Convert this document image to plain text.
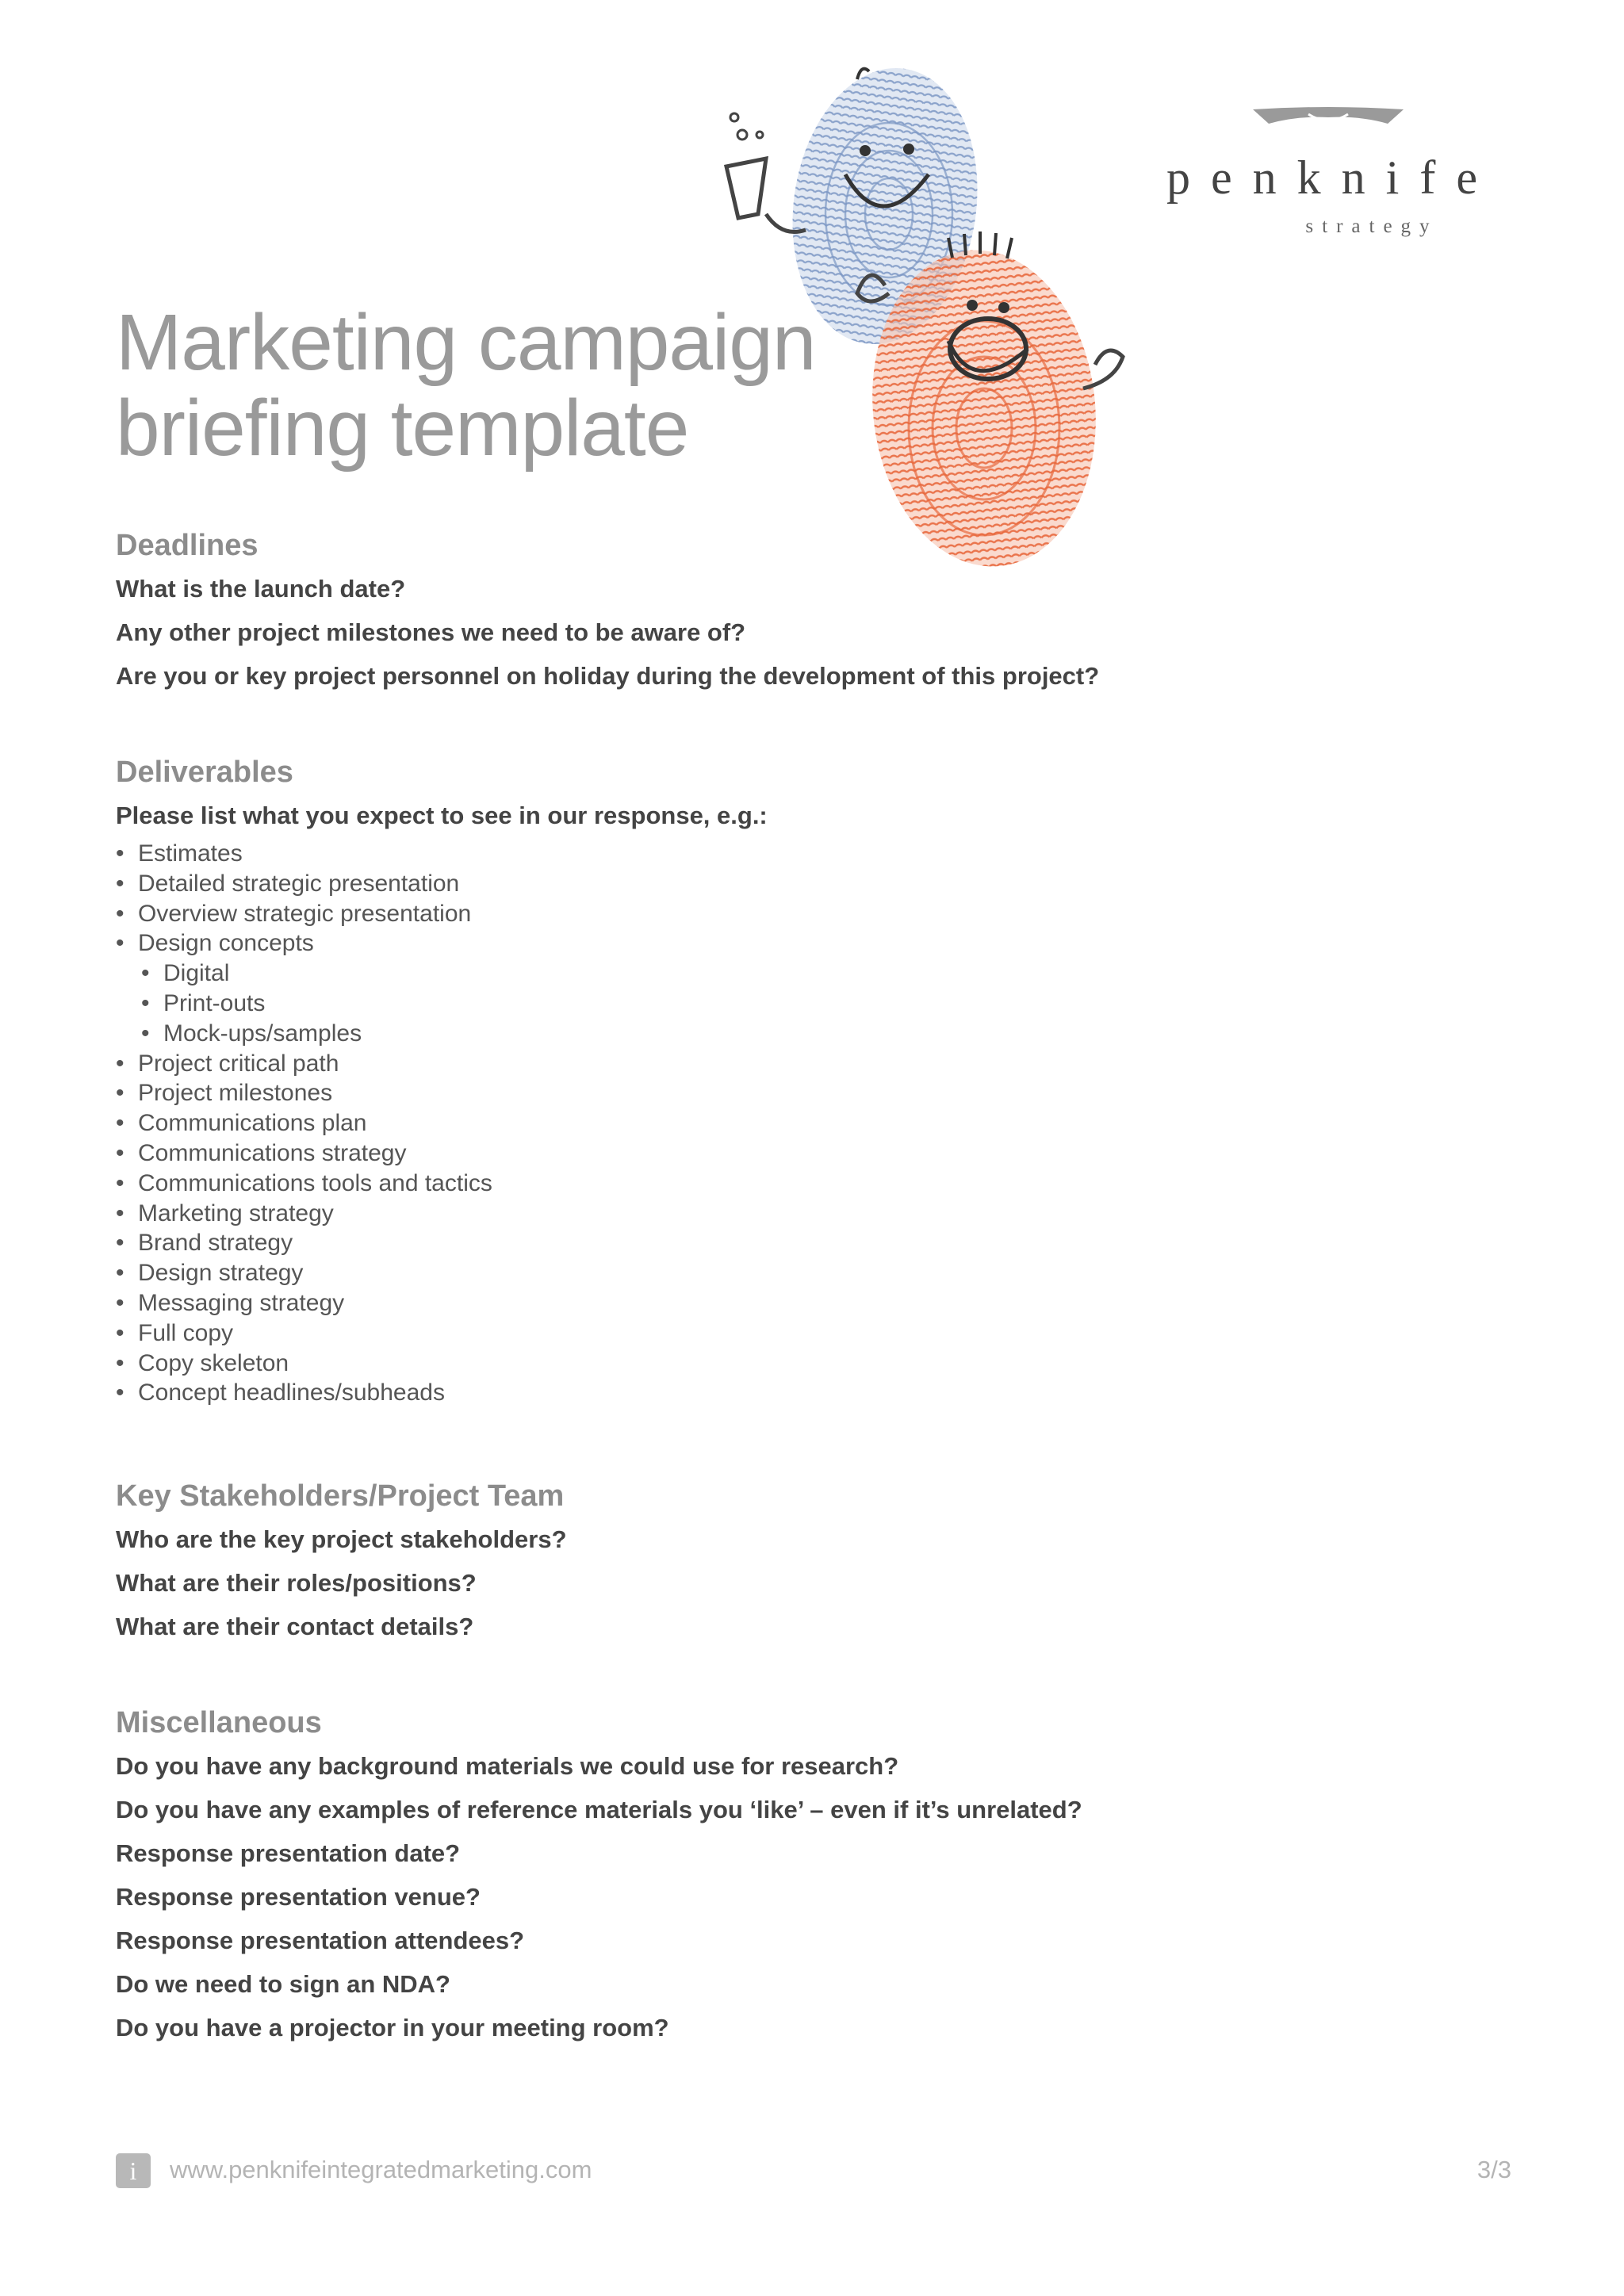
penknife
strategy
Marketing campaign
briefing template
Deadlines

What is the launch date?

Any other project milestones we need to be aware of?

Are you or key project personnel on holiday during the development of this project?

Deliverables

Please list what you expect to see in our response, e.g.:

• Estimates
• Detailed strategic presentation
• Overview strategic presentation
• Design concepts
• Digital
• Print-outs
• Mock-ups/samples
• Project critical path
• Project milestones
• Communications plan
• Communications strategy
• Communications tools and tactics
• Marketing strategy
• Brand strategy
• Design strategy
• Messaging strategy
• Full copy
• Copy skeleton
• Concept headlines/subheads
Key Stakeholders/Project Team

Who are the key project stakeholders?

What are their roles/positions?

What are their contact details?

Miscellaneous

Do you have any background materials we could use for research?

Do you have any examples of reference materials you ‘like’ – even if it’s unrelated?

Response presentation date?

Response presentation venue?

Response presentation attendees?

Do we need to sign an NDA?

Do you have a projector in your meeting room?

i	www.penknifeintegratedmarketing.com	3/3
